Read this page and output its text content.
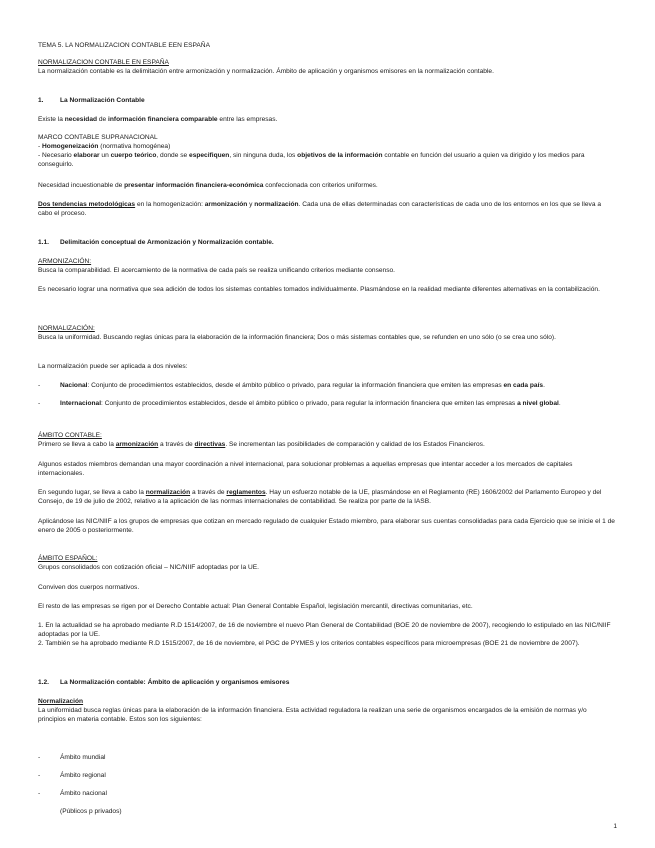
TEMA 5. LA NORMALIZACION CONTABLE EEN ESPAÑA

NORMALIZACION CONTABLE EN ESPAÑA

La normalización contable es la delimitación entre armonización y normalización. Ámbito de aplicación y organismos emisores en la normalización contable.

1.	La Normalización Contable

Existe la necesidad de información financiera comparable entre las empresas.

MARCO CONTABLE SUPRANACIONAL

- Homogeneización (normativa homogénea)

- Necesario elaborar un cuerpo teórico, donde se especifiquen, sin ninguna duda, los objetivos de la información contable en función del usuario a quien va dirigido y los medios para conseguirlo.

Necesidad incuestionable de presentar información financiera-económica confeccionada con criterios uniformes.

Dos tendencias metodológicas en la homogenización: armonización y normalización. Cada una de ellas determinadas con características de cada uno de los entornos en los que se lleva a cabo el proceso.

1.1. Delimitación conceptual de Armonización y Normalización contable.

ARMONIZACIÓN:

Busca la comparabilidad. El acercamiento de la normativa de cada país se realiza unificando criterios mediante consenso.

Es necesario lograr una normativa que sea adición de todos los sistemas contables tomados individualmente. Plasmándose en la realidad mediante diferentes alternativas en la contabilización.

NORMALIZACIÓN:

Busca la uniformidad. Buscando reglas únicas para la elaboración de la información financiera; Dos o más sistemas contables que, se refunden en uno sólo (o se crea uno sólo).

La normalización puede ser aplicada a dos niveles:

-	Nacional: Conjunto de procedimientos establecidos, desde el ámbito público o privado, para regular la información financiera que emiten las empresas en cada país.
-	Internacional: Conjunto de procedimientos establecidos, desde el ámbito público o privado, para regular la información financiera que emiten las empresas a nivel global.

ÁMBITO CONTABLE:

Primero se lleva a cabo la armonización a través de directivas. Se incrementan las posibilidades de comparación y calidad de los Estados Financieros.

Algunos estados miembros demandan una mayor coordinación a nivel internacional, para solucionar problemas a aquellas empresas que intentar acceder a los mercados de capitales internacionales.

En segundo lugar, se lleva a cabo la normalización a través de reglamentos. Hay un esfuerzo notable de la UE, plasmándose en el Reglamento (RE) 1606/2002 del Parlamento Europeo y del Consejo, de 19 de julio de 2002, relativo a la aplicación de las normas internacionales de contabilidad. Se realiza por parte de la IASB.

Aplicándose las NIC/NIIF a los grupos de empresas que cotizan en mercado regulado de cualquier Estado miembro, para elaborar sus cuentas consolidadas para cada Ejercicio que se inicie el 1 de enero de 2005 o posteriormente.

ÁMBITO ESPAÑOL:

Grupos consolidados con cotización oficial – NIC/NIIF adoptadas por la UE.

Conviven dos cuerpos normativos.

El resto de las empresas se rigen por el Derecho Contable actual: Plan General Contable Español, legislación mercantil, directivas comunitarias, etc.

1. En la actualidad se ha aprobado mediante R.D 1514/2007, de 16 de noviembre el nuevo Plan General de Contabilidad (BOE 20 de noviembre de 2007), recogiendo lo estipulado en las NIC/NIIF adoptadas por la UE.

2. También se ha aprobado mediante R.D 1515/2007, de 16 de noviembre, el PGC de PYMES y los criterios contables específicos para microempresas (BOE 21 de noviembre de 2007).

1.2. La Normalización contable: Ámbito de aplicación y organismos emisores

Normalización

La uniformidad busca reglas únicas para la elaboración de la información financiera. Esta actividad reguladora la realizan una serie de organismos encargados de la emisión de normas y/o principios en materia contable. Estos son los siguientes:

-	Ámbito mundial
-	Ámbito regional
-	Ámbito nacional
(Públicos p privados)
1
